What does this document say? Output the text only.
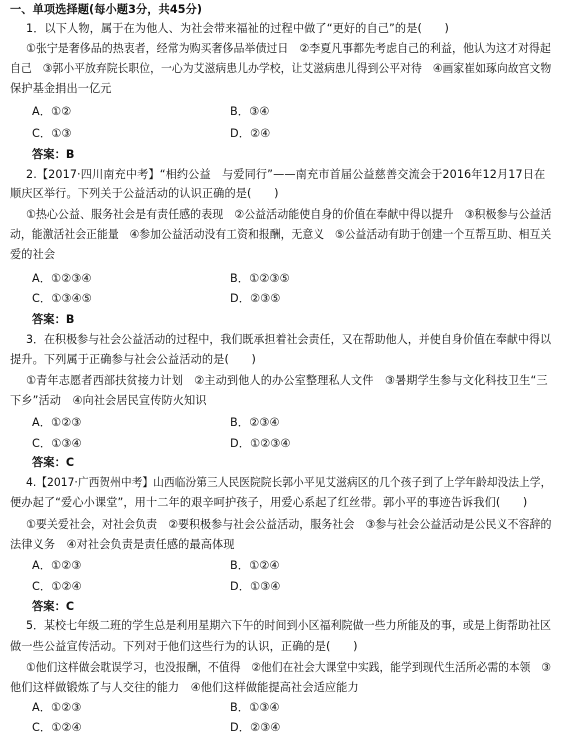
一、单项选择题(每小题3分，共45分)
1．以下人物，属于在为他人、为社会带来福祉的过程中做了“更好的自己”的是(　　)
①张宁是奢侈品的热衷者，经常为购买奢侈品举债过日　②李夏凡事都先考虑自己的利益，他认为这才对得起
自己　③郭小平放弃院长职位，一心为艾滋病患儿办学校，让艾滋病患儿得到公平对待　④画家崔如琢向故宫文物
保护基金捐出一亿元
A．①②	B．③④
C．①③	D．②④
答案：B
2.【2017·四川南充中考】“相约公益　与爱同行”——南充市首届公益慈善交流会于2016年12月17日在
顺庆区举行。下列关于公益活动的认识正确的是(　　)
①热心公益、服务社会是有责任感的表现　②公益活动能使自身的价值在奉献中得以提升　③积极参与公益活
动，能激活社会正能量　④参加公益活动没有工资和报酬，无意义　⑤公益活动有助于创建一个互帮互助、相互关
爱的社会
A．①②③④	B．①②③⑤
C．①③④⑤	D．②③⑤
答案：B
3．在积极参与社会公益活动的过程中，我们既承担着社会责任，又在帮助他人，并使自身价值在奉献中得以
提升。下列属于正确参与社会公益活动的是(　　)
①青年志愿者西部扶贫接力计划　②主动到他人的办公室整理私人文件　③暑期学生参与文化科技卫生“三
下乡”活动　④向社会居民宣传防火知识
A．①②③	B．②③④
C．①③④	D．①②③④
答案：C
4.【2017·广西贺州中考】山西临汾第三人民医院院长郭小平见艾滋病区的几个孩子到了上学年龄却没法上学，
便办起了“爱心小课堂”，用十二年的艰辛呵护孩子，用爱心系起了红丝带。郭小平的事迹告诉我们(　　)
①要关爱社会，对社会负责　②要积极参与社会公益活动，服务社会　③参与社会公益活动是公民义不容辞的
法律义务　④对社会负责是责任感的最高体现
A．①②③	B．①②④
C．①②④	D．①③④
答案：C
5．某校七年级二班的学生总是利用星期六下午的时间到小区福利院做一些力所能及的事，或是上街帮助社区
做一些公益宣传活动。下列对于他们这些行为的认识，正确的是(　　)
①他们这样做会耽误学习，也没报酬，不值得　②他们在社会大课堂中实践，能学到现代生活所必需的本领　③
他们这样做锻炼了与人交往的能力　④他们这样做能提高社会适应能力
A．①②③	B．①③④
C．①②④	D．②③④
